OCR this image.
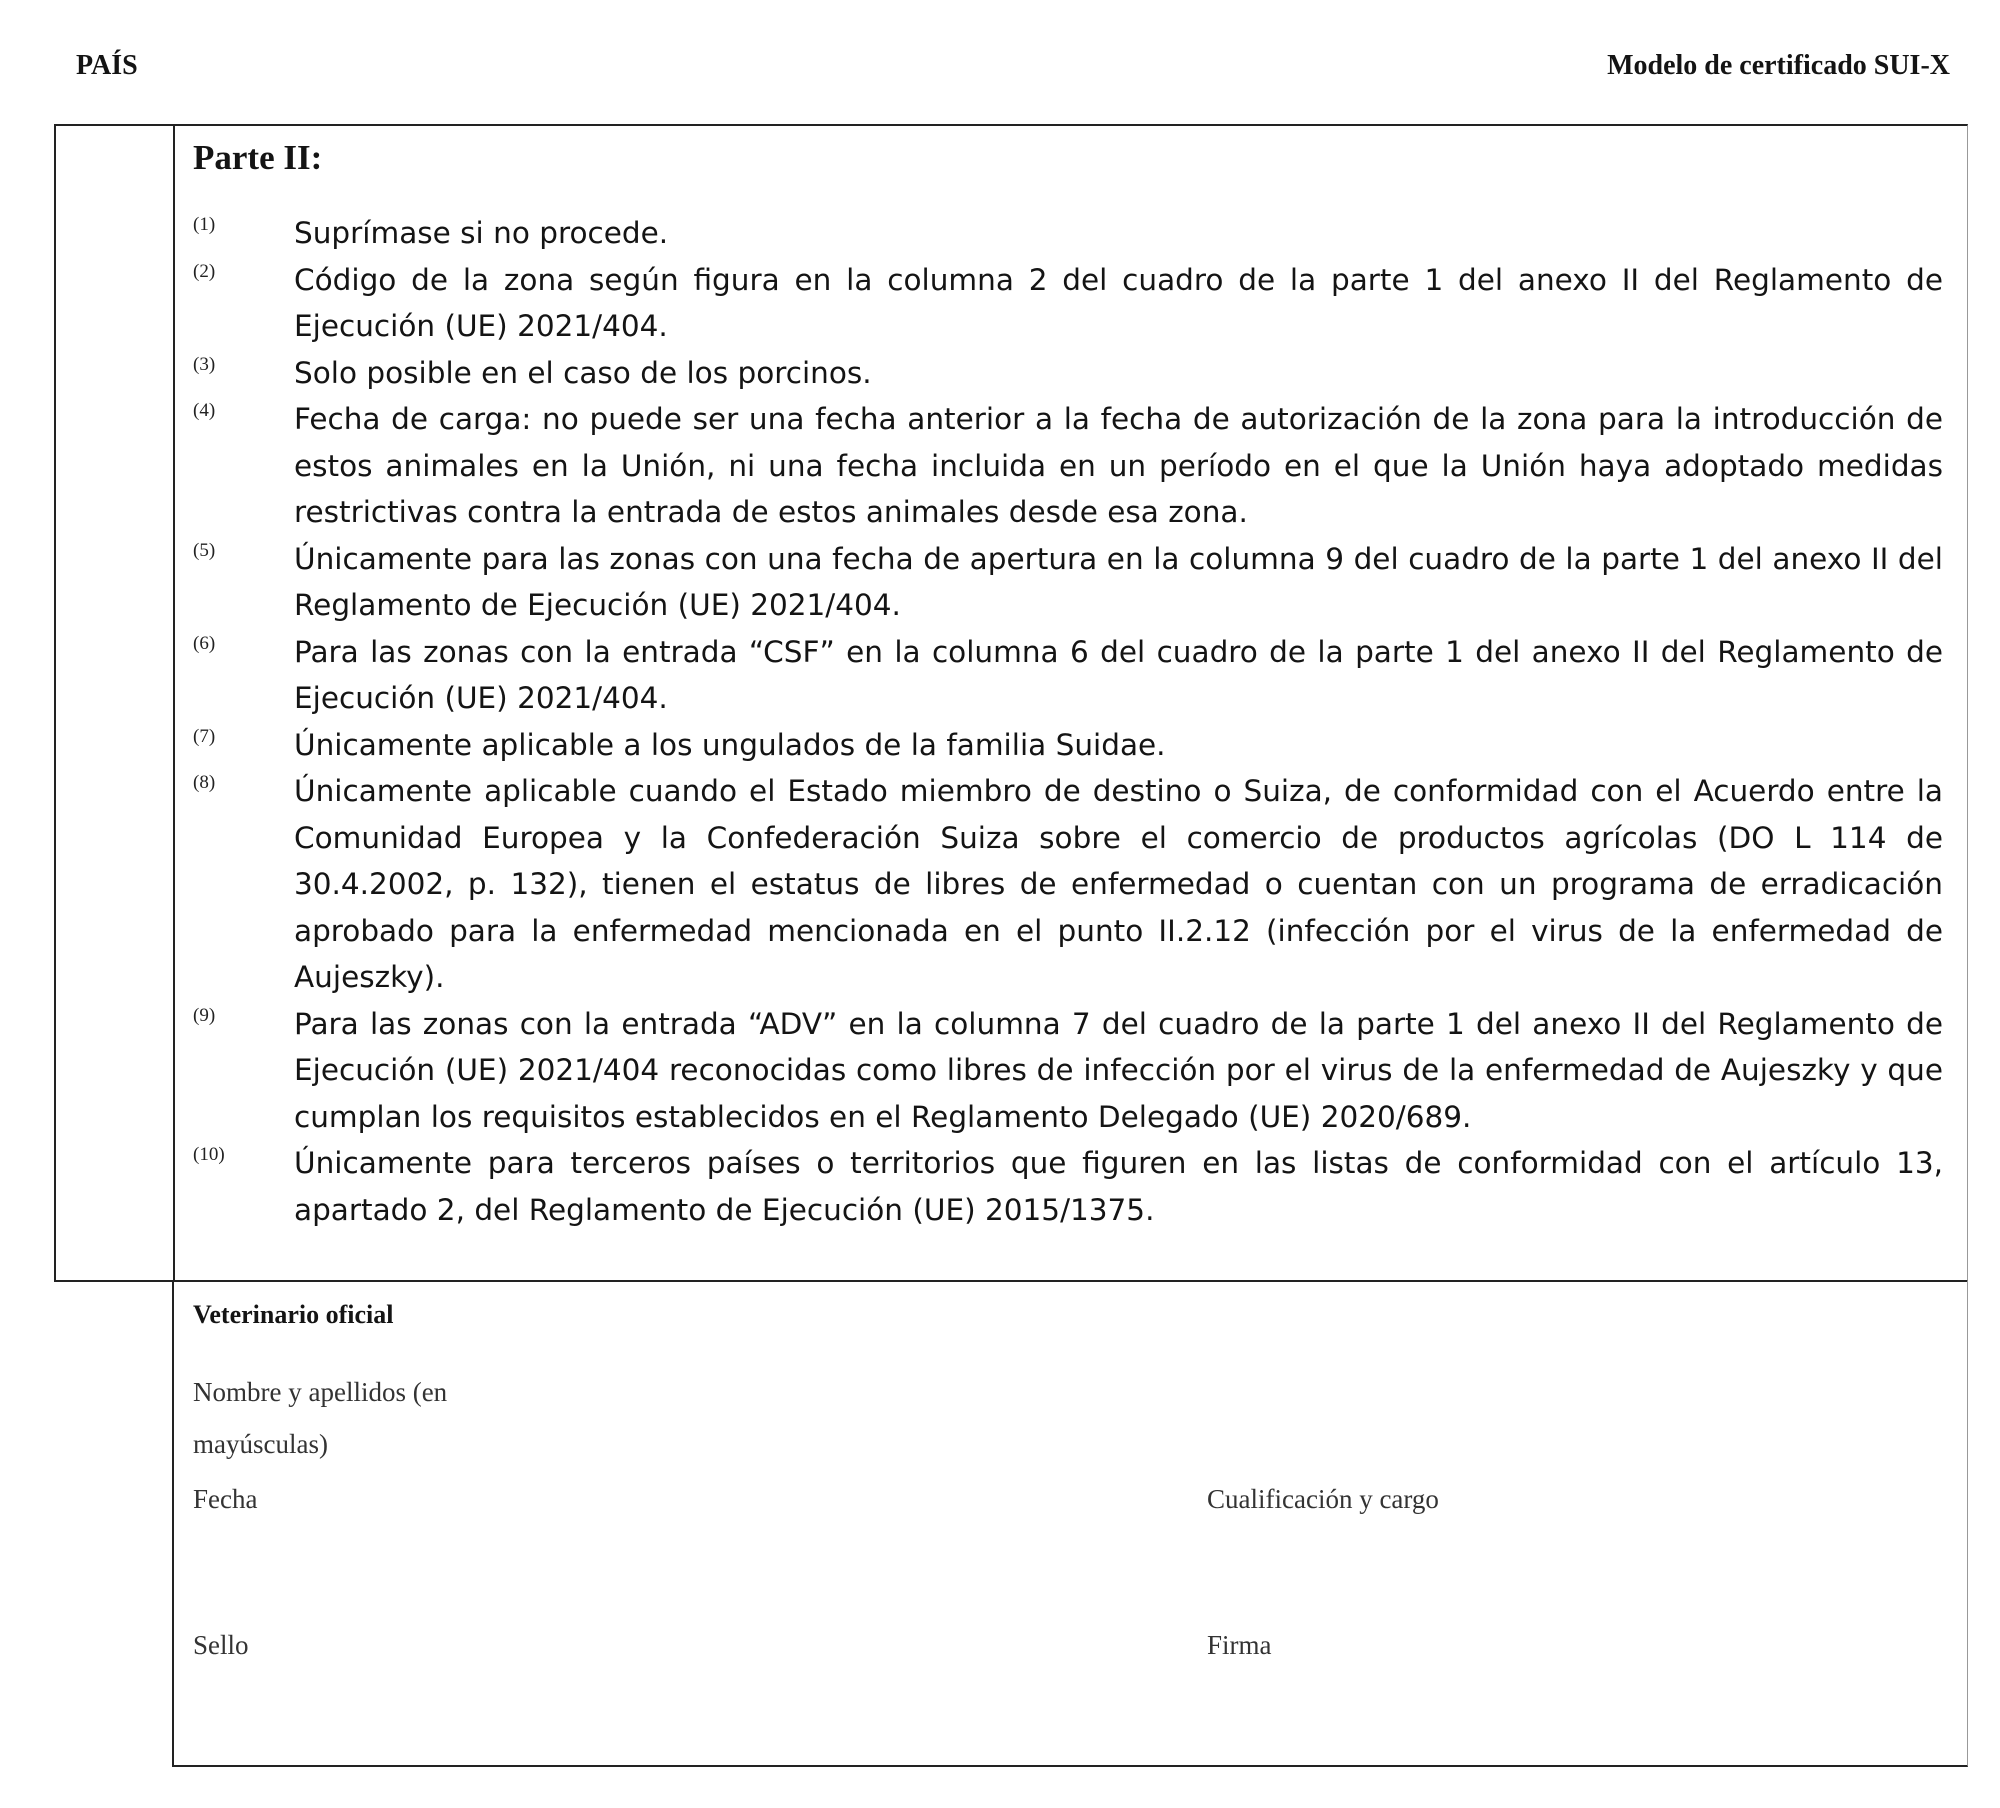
PAÍS	Modelo de certificado SUI-X
Parte II:
(1)	Suprímase si no procede.
(2)	Código de la zona según figura en la columna 2 del cuadro de la parte 1 del anexo II del Reglamento de Ejecución (UE) 2021/404.
(3)	Solo posible en el caso de los porcinos.
(4)	Fecha de carga: no puede ser una fecha anterior a la fecha de autorización de la zona para la introducción de estos animales en la Unión, ni una fecha incluida en un período en el que la Unión haya adoptado medidas restrictivas contra la entrada de estos animales desde esa zona.
(5)	Únicamente para las zonas con una fecha de apertura en la columna 9 del cuadro de la parte 1 del anexo II del Reglamento de Ejecución (UE) 2021/404.
(6)	Para las zonas con la entrada “CSF” en la columna 6 del cuadro de la parte 1 del anexo II del Reglamento de Ejecución (UE) 2021/404.
(7)	Únicamente aplicable a los ungulados de la familia Suidae.
(8)	Únicamente aplicable cuando el Estado miembro de destino o Suiza, de conformidad con el Acuerdo entre la Comunidad Europea y la Confederación Suiza sobre el comercio de productos agrícolas (DO L 114 de 30.4.2002, p. 132), tienen el estatus de libres de enfermedad o cuentan con un programa de erradicación aprobado para la enfermedad mencionada en el punto II.2.12 (infección por el virus de la enfermedad de Aujeszky).
(9)	Para las zonas con la entrada “ADV” en la columna 7 del cuadro de la parte 1 del anexo II del Reglamento de Ejecución (UE) 2021/404 reconocidas como libres de infección por el virus de la enfermedad de Aujeszky y que cumplan los requisitos establecidos en el Reglamento Delegado (UE) 2020/689.
(10)	Únicamente para terceros países o territorios que figuren en las listas de conformidad con el artículo 13, apartado 2, del Reglamento de Ejecución (UE) 2015/1375.
Veterinario oficial
Nombre y apellidos (en mayúsculas)
Fecha	Cualificación y cargo
Sello	Firma
